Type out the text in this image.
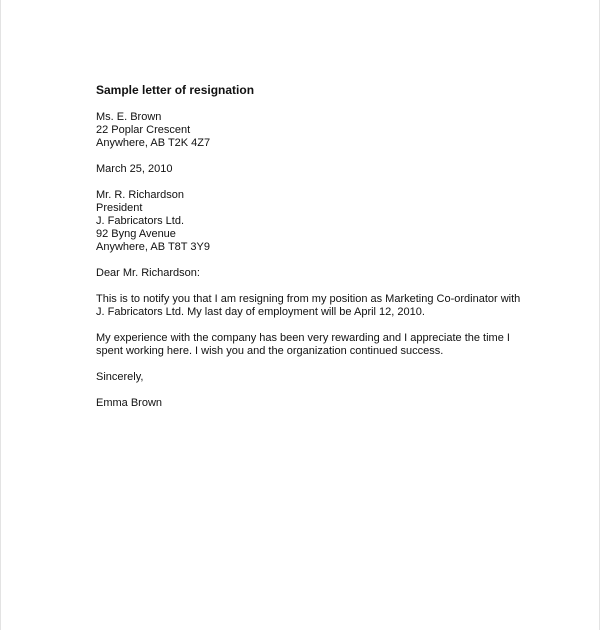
Sample letter of resignation
Ms. E. Brown
22 Poplar Crescent
Anywhere, AB T2K 4Z7
March 25, 2010
Mr. R. Richardson
President
J. Fabricators Ltd.
92 Byng Avenue
Anywhere, AB T8T 3Y9
Dear Mr. Richardson:
This is to notify you that I am resigning from my position as Marketing Co-ordinator with
J. Fabricators Ltd. My last day of employment will be April 12, 2010.
My experience with the company has been very rewarding and I appreciate the time I
spent working here. I wish you and the organization continued success.
Sincerely,
Emma Brown
